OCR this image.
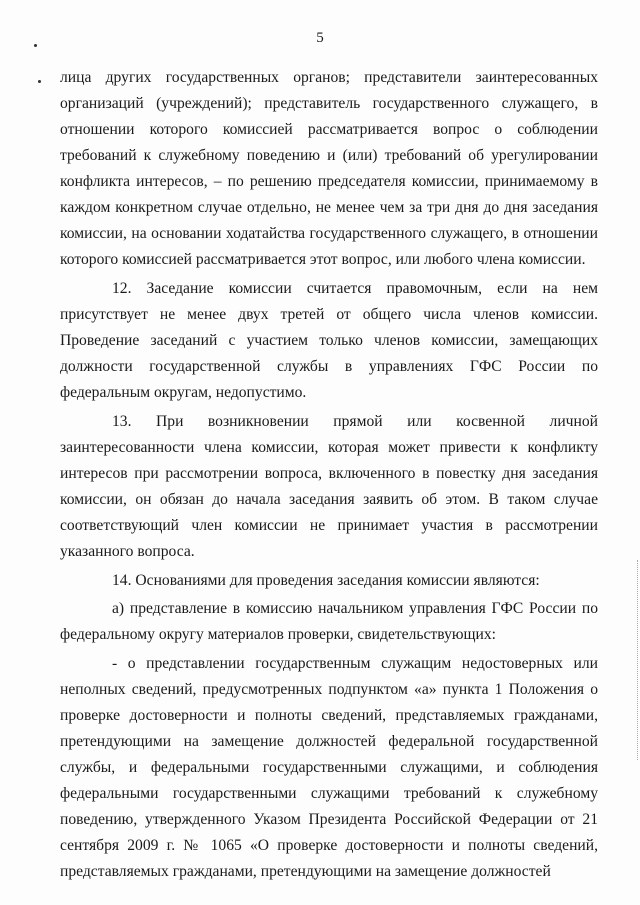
5

лица других государственных органов; представители заинтересованных организаций (учреждений); представитель государственного служащего, в отношении которого комиссией рассматривается вопрос о соблюдении требований к служебному поведению и (или) требований об урегулировании конфликта интересов, – по решению председателя комиссии, принимаемому в каждом конкретном случае отдельно, не менее чем за три дня до дня заседания комиссии, на основании ходатайства государственного служащего, в отношении которого комиссией рассматривается этот вопрос, или любого члена комиссии.

12. Заседание комиссии считается правомочным, если на нем присутствует не менее двух третей от общего числа членов комиссии. Проведение заседаний с участием только членов комиссии, замещающих должности государственной службы в управлениях ГФС России по федеральным округам, недопустимо.

13. При возникновении прямой или косвенной личной заинтересованности члена комиссии, которая может привести к конфликту интересов при рассмотрении вопроса, включенного в повестку дня заседания комиссии, он обязан до начала заседания заявить об этом. В таком случае соответствующий член комиссии не принимает участия в рассмотрении указанного вопроса.

14. Основаниями для проведения заседания комиссии являются:

а) представление в комиссию начальником управления ГФС России по федеральному округу материалов проверки, свидетельствующих:

- о представлении государственным служащим недостоверных или неполных сведений, предусмотренных подпунктом «а» пункта 1 Положения о проверке достоверности и полноты сведений, представляемых гражданами, претендующими на замещение должностей федеральной государственной службы, и федеральными государственными служащими, и соблюдения федеральными государственными служащими требований к служебному поведению, утвержденного Указом Президента Российской Федерации от 21 сентября 2009 г. № 1065 «О проверке достоверности и полноты сведений, представляемых гражданами, претендующими на замещение должностей
